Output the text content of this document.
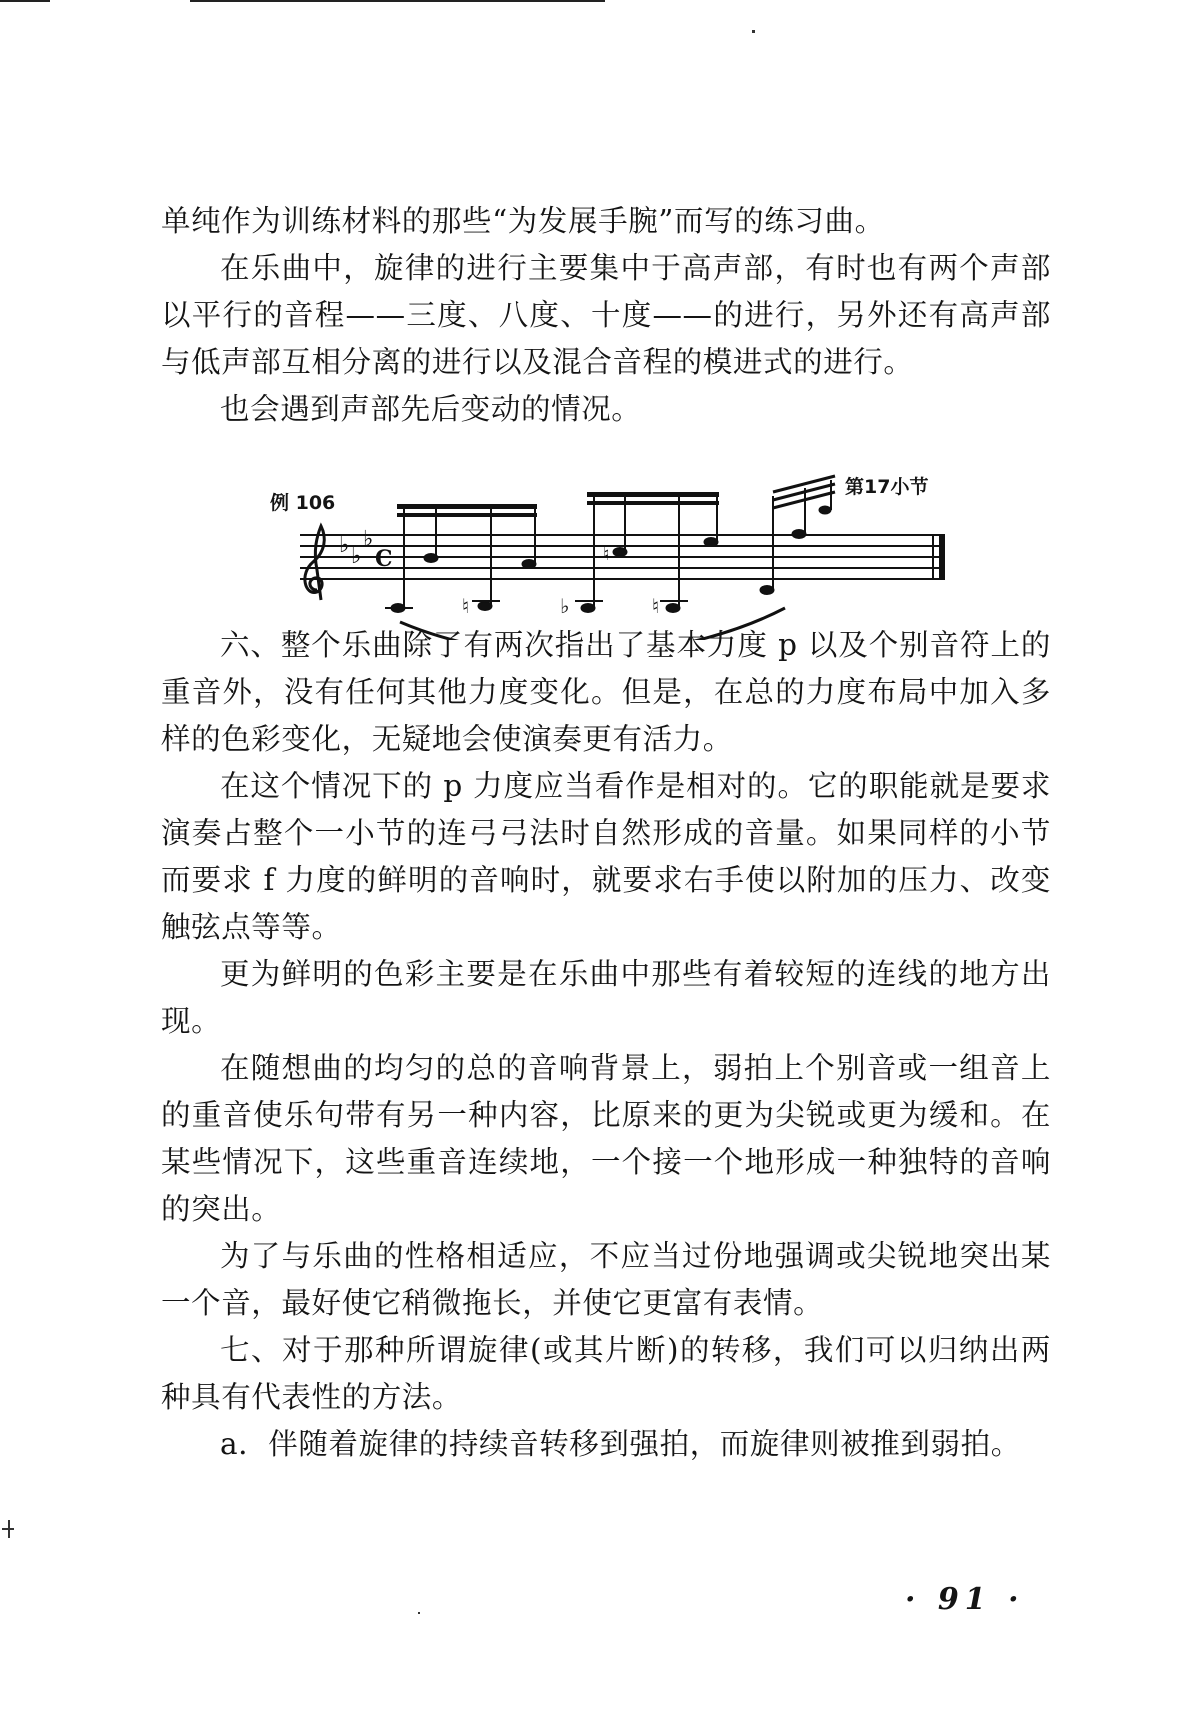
单纯作为训练材料的那些“为发展手腕”而写的练习曲。

在乐曲中，旋律的进行主要集中于高声部，有时也有两个声部以平行的音程——三度、八度、十度——的进行，另外还有高声部与低声部互相分离的进行以及混合音程的模进式的进行。

也会遇到声部先后变动的情况。

例 106
第17小节
♭ ♭
♭
C
♮	♭
♮
♮

六、整个乐曲除了有两次指出了基本力度 p 以及个别音符上的重音外，没有任何其他力度变化。但是，在总的力度布局中加入多样的色彩变化，无疑地会使演奏更有活力。

在这个情况下的 p 力度应当看作是相对的。它的职能就是要求演奏占整个一小节的连弓弓法时自然形成的音量。如果同样的小节而要求 f 力度的鲜明的音响时，就要求右手使以附加的压力、改变触弦点等等。

更为鲜明的色彩主要是在乐曲中那些有着较短的连线的地方出现。

在随想曲的均匀的总的音响背景上，弱拍上个别音或一组音上的重音使乐句带有另一种内容，比原来的更为尖锐或更为缓和。在某些情况下，这些重音连续地，一个接一个地形成一种独特的音响的突出。

为了与乐曲的性格相适应，不应当过份地强调或尖锐地突出某一个音，最好使它稍微拖长，并使它更富有表情。

七、对于那种所谓旋律(或其片断)的转移，我们可以归纳出两种具有代表性的方法。

a．伴随着旋律的持续音转移到强拍，而旋律则被推到弱拍。

· 91 ·
